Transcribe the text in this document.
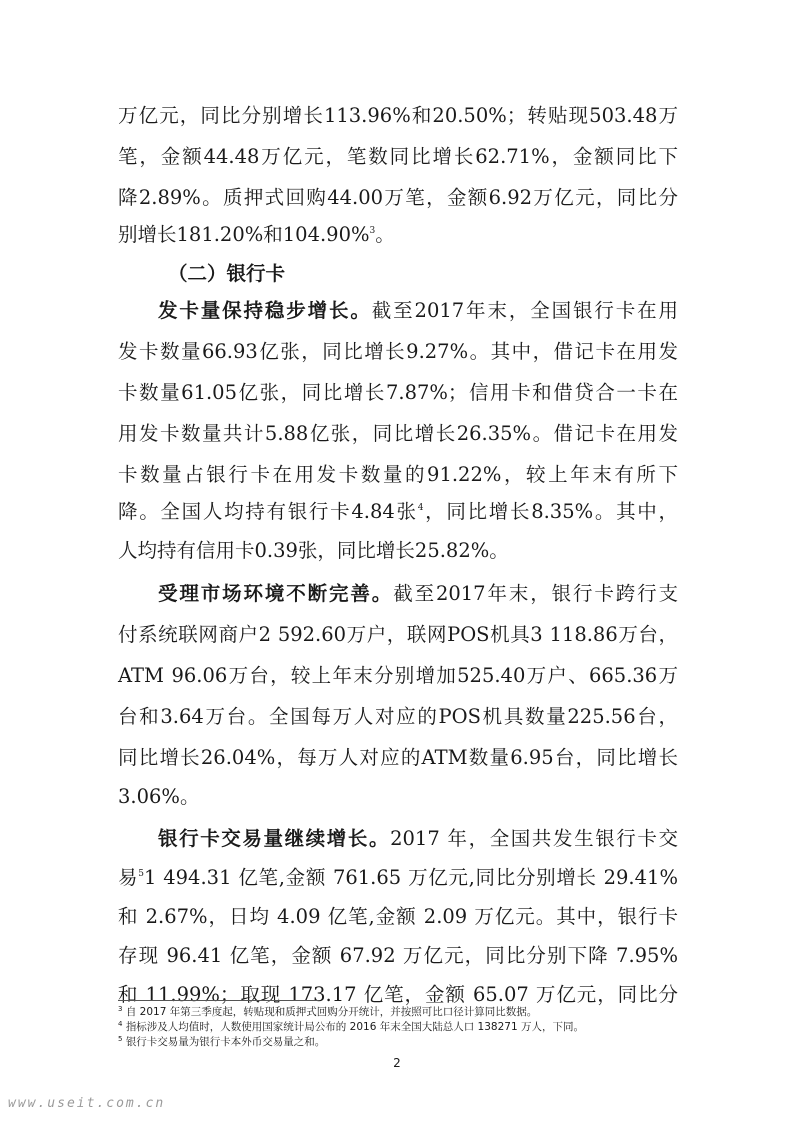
万亿元，同比分别增长113.96%和20.50%；转贴现503.48万
笔，金额44.48万亿元，笔数同比增长62.71%，金额同比下
降2.89%。质押式回购44.00万笔，金额6.92万亿元，同比分
别增长181.20%和104.90%$^3$。
（二）银行卡
发卡量保持稳步增长。截至2017年末，全国银行卡在用
发卡数量66.93亿张，同比增长9.27%。其中，借记卡在用发
卡数量61.05亿张，同比增长7.87%；信用卡和借贷合一卡在
用发卡数量共计5.88亿张，同比增长26.35%。借记卡在用发
卡数量占银行卡在用发卡数量的91.22%，较上年末有所下
降。全国人均持有银行卡4.84张$^4$，同比增长8.35%。其中，
人均持有信用卡0.39张，同比增长25.82%。
受理市场环境不断完善。截至2017年末，银行卡跨行支
付系统联网商户2 592.60万户，联网POS机具3 118.86万台，
ATM 96.06万台，较上年末分别增加525.40万户、665.36万
台和3.64万台。全国每万人对应的POS机具数量225.56台，
同比增长26.04%，每万人对应的ATM数量6.95台，同比增长
3.06%。
银行卡交易量继续增长。2017 年，全国共发生银行卡交
易$^5$1 494.31 亿笔,金额 761.65 万亿元,同比分别增长 29.41%
和 2.67%，日均 4.09 亿笔,金额 2.09 万亿元。其中，银行卡
存现 96.41 亿笔，金额 67.92 万亿元，同比分别下降 7.95%
和 11.99%；取现 173.17 亿笔，金额 65.07 万亿元，同比分
$^3$ 自 2017 年第三季度起，转贴现和质押式回购分开统计，并按照可比口径计算同比数据。
$^4$ 指标涉及人均值时，人数使用国家统计局公布的 2016 年末全国大陆总人口 138271 万人，下同。
$^5$ 银行卡交易量为银行卡本外币交易量之和。
2
www.useit.com.cn
